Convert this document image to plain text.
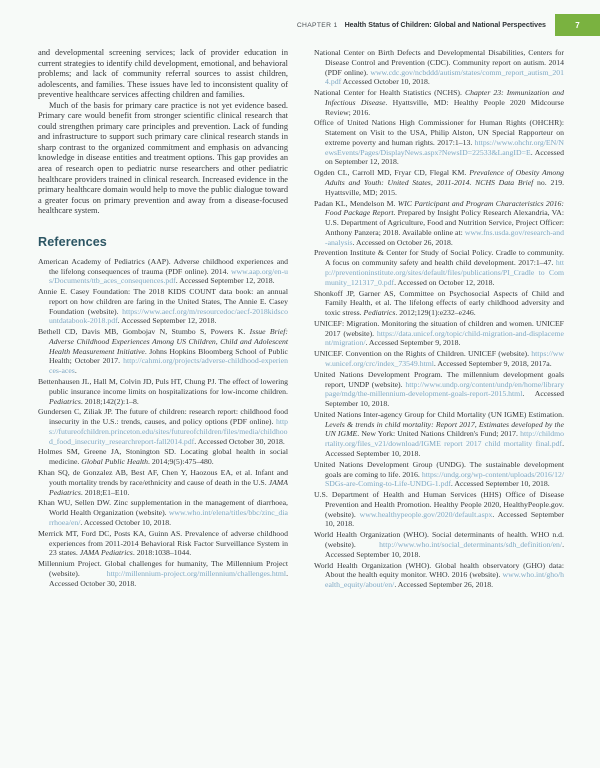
CHAPTER 1 Health Status of Children: Global and National Perspectives	7

and developmental screening services; lack of provider education in current strategies to identify child development, emotional, and behavioral problems; and lack of community referral sources to assist children, adolescents, and families. These issues have led to inconsistent quality of preventive healthcare services affecting children and families.

Much of the basis for primary care practice is not yet evidence based. Primary care would benefit from stronger scientific clinical research that could strengthen primary care principles and prevention. Lack of funding and infrastructure to support such primary care clinical research stands in sharp contrast to the organized commitment and emphasis on advancing knowledge in disease entities and treatment options. This gap provides an area of research open to pediatric nurse researchers and other pediatric healthcare providers trained in clinical research. Increased evidence in the primary healthcare domain would help to move the public dialogue toward a greater focus on primary prevention and away from a disease-focused healthcare system.

References
American Academy of Pediatrics (AAP). Adverse childhood experiences and the lifelong consequences of trauma (PDF online). 2014. www.aap.org/en-us/Documents/ttb_aces_consequences.pdf. Accessed September 12, 2018.
Annie E. Casey Foundation: The 2018 KIDS COUNT data book: an annual report on how children are faring in the United States, The Annie E. Casey Foundation (website). https://www.aecf.org/m/resourcedoc/aecf-2018kidscountdatabook-2018.pdf. Accessed September 12, 2018.
Bethell CD, Davis MB, Gombojav N, Stumbo S, Powers K. Issue Brief: Adverse Childhood Experiences Among US Children, Child and Adolescent Health Measurement Initiative. Johns Hopkins Bloomberg School of Public Health; October 2017. http://cahmi.org/projects/adverse-childhood-experiences-aces.
Bettenhausen JL, Hall M, Colvin JD, Puls HT, Chung PJ. The effect of lowering public insurance income limits on hospitalizations for low-income children. Pediatrics. 2018;142(2):1–8.
Gundersen C, Ziliak JP. The future of children: research report: childhood food insecurity in the U.S.: trends, causes, and policy options (PDF online). https://futureofchildren.princeton.edu/sites/futureofchildren/files/media/childhood_food_insecurity_researchreport-fall2014.pdf. Accessed October 30, 2018.
Holmes SM, Greene JA, Stonington SD. Locating global health in social medicine. Global Public Health. 2014;9(5):475–480.
Khan SQ, de Gonzalez AB, Best AF, Chen Y, Haozous EA, et al. Infant and youth mortality trends by race/ethnicity and cause of death in the U.S. JAMA Pediatrics. 2018;E1–E10.
Khan WU, Sellen DW. Zinc supplementation in the management of diarrhoea, World Health Organization (website). www.who.int/elena/titles/bbc/zinc_diarrhoea/en/. Accessed October 10, 2018.
Merrick MT, Ford DC, Posts KA, Guinn AS. Prevalence of adverse childhood experiences from 2011-2014 Behavioral Risk Factor Surveillance System in 23 states. JAMA Pediatrics. 2018:1038–1044.
Millennium Project. Global challenges for humanity, The Millennium Project (website). http://millennium-project.org/millennium/challenges.html. Accessed October 30, 2018.
National Center on Birth Defects and Developmental Disabilities, Centers for Disease Control and Prevention (CDC). Community report on autism. 2014 (PDF online). www.cdc.gov/ncbddd/autism/states/comm_report_autism_2014.pdf Accessed October 10, 2018.
National Center for Health Statistics (NCHS). Chapter 23: Immunization and Infectious Disease. Hyattsville, MD: Healthy People 2020 Midcourse Review; 2016.
Office of United Nations High Commissioner for Human Rights (OHCHR): Statement on Visit to the USA, Philip Alston, UN Special Rapporteur on extreme poverty and human rights. 2017:1–13. https://www.ohchr.org/EN/NewsEvents/Pages/DisplayNews.aspx?NewsID=22533&LangID=E. Accessed on September 12, 2018.
Ogden CL, Carroll MD, Fryar CD, Flegal KM. Prevalence of Obesity Among Adults and Youth: United States, 2011-2014. NCHS Data Brief no. 219. Hyattsville, MD; 2015.
Padan KL, Mendelson M. WIC Participant and Program Characteristics 2016: Food Package Report. Prepared by Insight Policy Research Alexandria, VA: U.S. Department of Agriculture, Food and Nutrition Service, Project Officer: Anthony Panzera; 2018. Available online at: www.fns.usda.gov/research-and-analysis. Accessed on October 26, 2018.
Prevention Institute & Center for Study of Social Policy. Cradle to community. A focus on community safety and health child development. 2017:1–47. http://preventioninstitute.org/sites/default/files/publications/PI_Cradle to Community_121317_0.pdf. Accessed on October 12, 2018.
Shonkoff JP, Garner AS, Committee on Psychosocial Aspects of Child and Family Health, et al. The lifelong effects of early childhood adversity and toxic stress. Pediatrics. 2012;129(1):e232–e246.
UNICEF: Migration. Monitoring the situation of children and women. UNICEF 2017 (website). https://data.unicef.org/topic/child-migration-and-displacement/migration/. Accessed September 9, 2018.
UNICEF. Convention on the Rights of Children. UNICEF (website). https://www.unicef.org/crc/index_73549.html. Accessed September 9, 2018, 2017a.
United Nations Development Program. The millennium development goals report, UNDP (website). http://www.undp.org/content/undp/en/home/librarypage/mdg/the-millennium-development-goals-report-2015.html. Accessed September 10, 2018.
United Nations Inter-agency Group for Child Mortality (UN IGME) Estimation. Levels & trends in child mortality: Report 2017, Estimates developed by the UN IGME. New York: United Nations Children's Fund; 2017. http://childmortality.org/files_v21/download/IGME report 2017 child mortality final.pdf. Accessed September 10, 2018.
United Nations Development Group (UNDG). The sustainable development goals are coming to life. 2016. https://undg.org/wp-content/uploads/2016/12/SDGs-are-Coming-to-Life-UNDG-1.pdf. Accessed September 10, 2018.
U.S. Department of Health and Human Services (HHS) Office of Disease Prevention and Health Promotion. Healthy People 2020, HealthyPeople.gov. (website). www.healthypeople.gov/2020/default.aspx. Accessed September 10, 2018.
World Health Organization (WHO). Social determinants of health. WHO n.d.(website). http://www.who.int/social_determinants/sdh_definition/en/. Accessed September 10, 2018.
World Health Organization (WHO). Global health observatory (GHO) data: About the health equity monitor. WHO. 2016 (website). www.who.int/gho/health_equity/about/en/. Accessed September 26, 2018.
